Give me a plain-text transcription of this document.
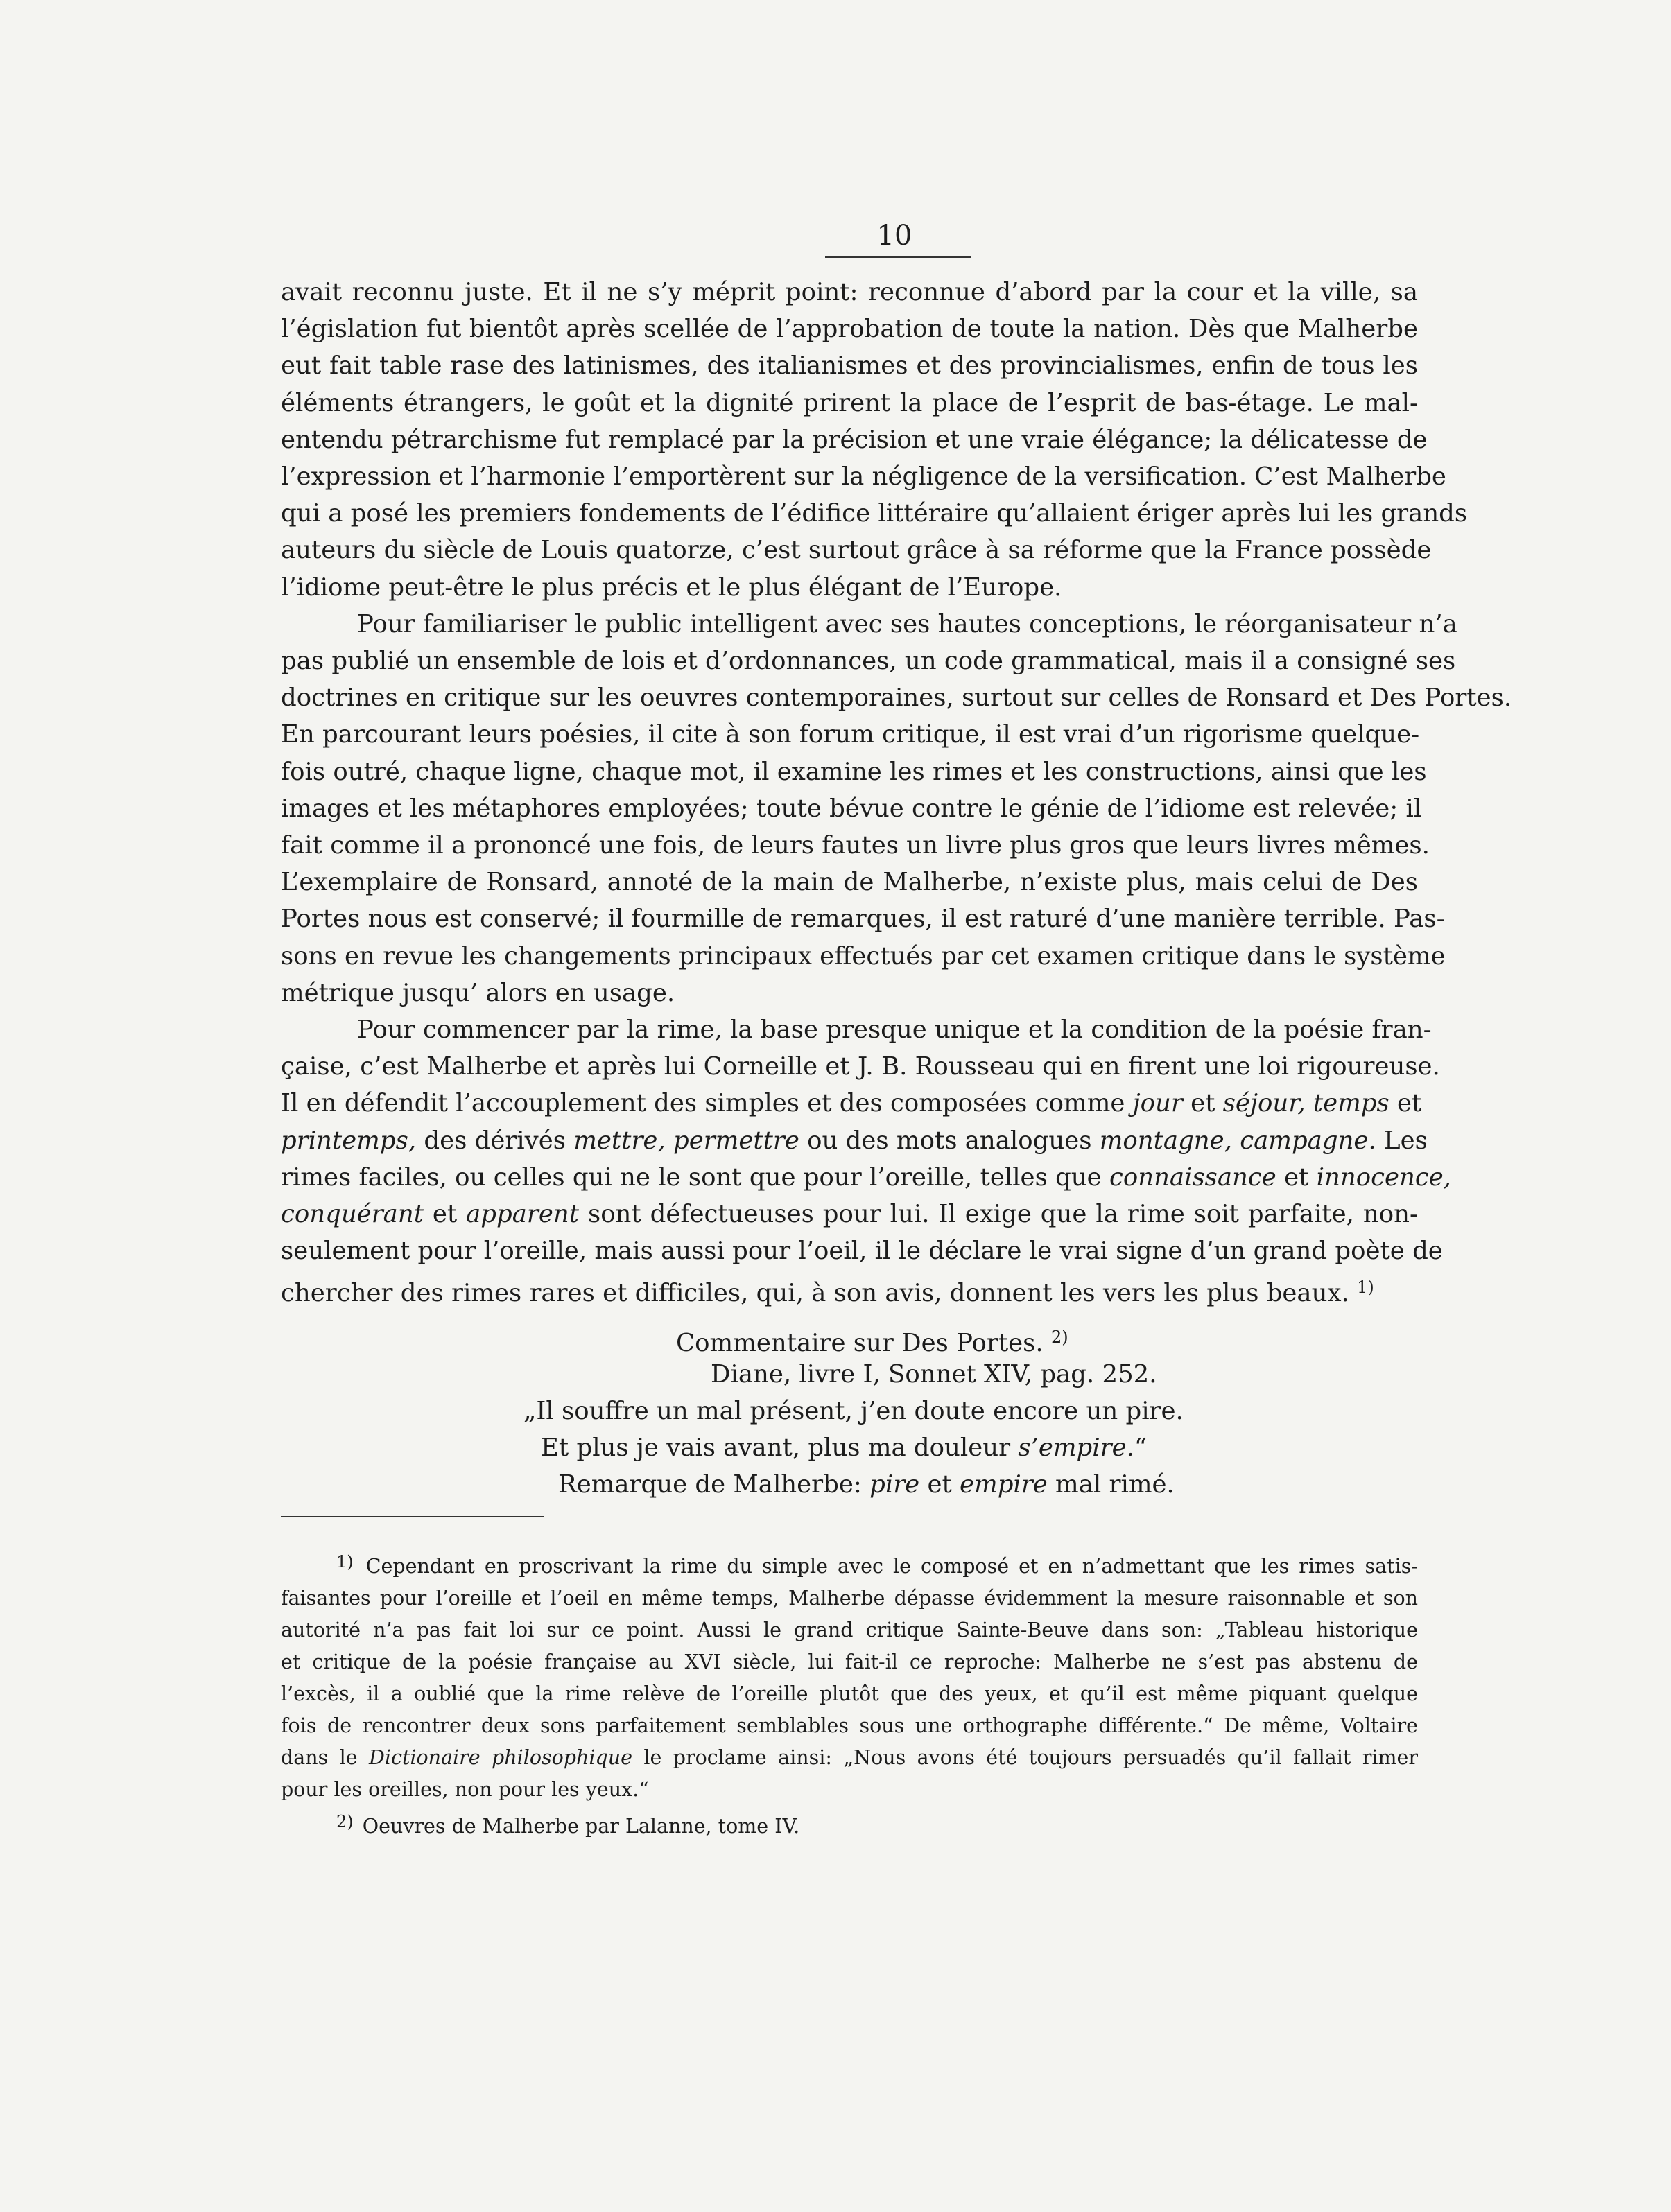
10

avait reconnu juste. Et il ne s’y méprit point: reconnue d’abord par la cour et la ville, sa
l’égislation fut bientôt après scellée de l’approbation de toute la nation. Dès que Malherbe
eut fait table rase des latinismes, des italianismes et des provincialismes, enfin de tous les
éléments étrangers, le goût et la dignité prirent la place de l’esprit de bas-étage. Le mal-
entendu pétrarchisme fut remplacé par la précision et une vraie élégance; la délicatesse de
l’expression et l’harmonie l’emportèrent sur la négligence de la versification. C’est Malherbe
qui a posé les premiers fondements de l’édifice littéraire qu’allaient ériger après lui les grands
auteurs du siècle de Louis quatorze, c’est surtout grâce à sa réforme que la France possède
l’idiome peut-être le plus précis et le plus élégant de l’Europe.

Pour familiariser le public intelligent avec ses hautes conceptions, le réorganisateur n’a
pas publié un ensemble de lois et d’ordonnances, un code grammatical, mais il a consigné ses
doctrines en critique sur les oeuvres contemporaines, surtout sur celles de Ronsard et Des Portes.
En parcourant leurs poésies, il cite à son forum critique, il est vrai d’un rigorisme quelque-
fois outré, chaque ligne, chaque mot, il examine les rimes et les constructions, ainsi que les
images et les métaphores employées; toute bévue contre le génie de l’idiome est relevée; il
fait comme il a prononcé une fois, de leurs fautes un livre plus gros que leurs livres mêmes.
L’exemplaire de Ronsard, annoté de la main de Malherbe, n’existe plus, mais celui de Des
Portes nous est conservé; il fourmille de remarques, il est raturé d’une manière terrible. Pas-
sons en revue les changements principaux effectués par cet examen critique dans le système
métrique jusqu’ alors en usage.

Pour commencer par la rime, la base presque unique et la condition de la poésie fran-
çaise, c’est Malherbe et après lui Corneille et J. B. Rousseau qui en firent une loi rigoureuse.
Il en défendit l’accouplement des simples et des composées comme jour et séjour, temps et
printemps, des dérivés mettre, permettre ou des mots analogues montagne, campagne. Les
rimes faciles, ou celles qui ne le sont que pour l’oreille, telles que connaissance et innocence,
conquérant et apparent sont défectueuses pour lui. Il exige que la rime soit parfaite, non-
seulement pour l’oreille, mais aussi pour l’oeil, il le déclare le vrai signe d’un grand poète de
chercher des rimes rares et difficiles, qui, à son avis, donnent les vers les plus beaux. $^{1)}$

Commentaire sur Des Portes. $^{2)}$
Diane, livre I, Sonnet XIV, pag. 252.
„Il souffre un mal présent, j’en doute encore un pire.
Et plus je vais avant, plus ma douleur s’empire.“
Remarque de Malherbe: pire et empire mal rimé.

$^{1)}$ Cependant en proscrivant la rime du simple avec le composé et en n’admettant que les rimes satis-
faisantes pour l’oreille et l’oeil en même temps, Malherbe dépasse évidemment la mesure raisonnable et son
autorité n’a pas fait loi sur ce point. Aussi le grand critique Sainte-Beuve dans son: „Tableau historique
et critique de la poésie française au XVI siècle, lui fait-il ce reproche: Malherbe ne s’est pas abstenu de
l’excès, il a oublié que la rime relève de l’oreille plutôt que des yeux, et qu’il est même piquant quelque
fois de rencontrer deux sons parfaitement semblables sous une orthographe différente.“ De même, Voltaire
dans le Dictionaire philosophique le proclame ainsi: „Nous avons été toujours persuadés qu’il fallait rimer
pour les oreilles, non pour les yeux.“

$^{2)}$ Oeuvres de Malherbe par Lalanne, tome IV.
